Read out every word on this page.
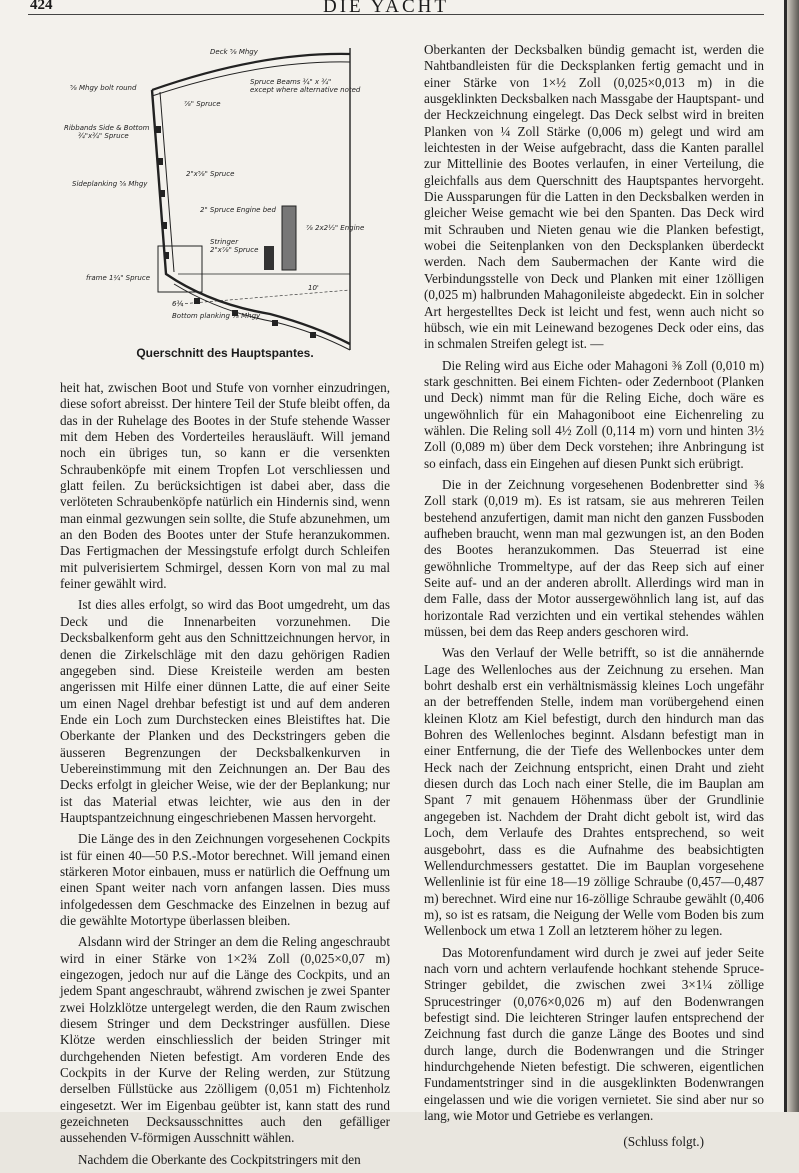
424	DIE YACHT
Deck ⅝ Mhgy
⅝ Mhgy bolt round
Spruce Beams ¾" x ¾"
except where alternative noted
⅞" Spruce
Ribbands Side & Bottom
¾"x¾" Spruce
2"x⅝" Spruce
Sideplanking ⅝ Mhgy
2" Spruce Engine bed
⅞ 2x2½" Engine
Stringer
2"x⅞" Spruce
frame 1¼" Spruce
10'
6¾
Bottom planking ⅝ Mhgy
Querschnitt des Hauptspantes.

heit hat, zwischen Boot und Stufe von vornher einzudringen, diese sofort abreisst. Der hintere Teil der Stufe bleibt offen, da das in der Ruhelage des Bootes in der Stufe stehende Wasser mit dem Heben des Vorderteiles herausläuft. Will jemand noch ein übriges tun, so kann er die versenkten Schraubenköpfe mit einem Tropfen Lot verschliessen und glatt feilen. Zu berücksichtigen ist dabei aber, dass die verlöteten Schraubenköpfe natürlich ein Hindernis sind, wenn man einmal gezwungen sein sollte, die Stufe abzunehmen, um an den Boden des Bootes unter der Stufe heranzukommen. Das Fertigmachen der Messingstufe erfolgt durch Schleifen mit pulverisiertem Schmirgel, dessen Korn von mal zu mal feiner gewählt wird.

Ist dies alles erfolgt, so wird das Boot umgedreht, um das Deck und die Innenarbeiten vorzunehmen. Die Decksbalkenform geht aus den Schnittzeichnungen hervor, in denen die Zirkelschläge mit den dazu gehörigen Radien angegeben sind. Diese Kreisteile werden am besten angerissen mit Hilfe einer dünnen Latte, die auf einer Seite um einen Nagel drehbar befestigt ist und auf dem anderen Ende ein Loch zum Durchstecken eines Bleistiftes hat. Die Oberkante der Planken und des Deckstringers geben die äusseren Begrenzungen der Decksbalkenkurven in Uebereinstimmung mit den Zeichnungen an. Der Bau des Decks erfolgt in gleicher Weise, wie der der Beplankung; nur ist das Material etwas leichter, wie aus den in der Hauptspantzeichnung eingeschriebenen Massen hervorgeht.

Die Länge des in den Zeichnungen vorgesehenen Cockpits ist für einen 40—50 P.S.-Motor berechnet. Will jemand einen stärkeren Motor einbauen, muss er natürlich die Oeffnung um einen Spant weiter nach vorn anfangen lassen. Dies muss infolgedessen dem Geschmacke des Einzelnen in bezug auf die gewählte Motortype überlassen bleiben.

Alsdann wird der Stringer an dem die Reling angeschraubt wird in einer Stärke von 1×2¾ Zoll (0,025×0,07 m) eingezogen, jedoch nur auf die Länge des Cockpits, und an jedem Spant angeschraubt, während zwischen je zwei Spanter zwei Holzklötze untergelegt werden, die den Raum zwischen diesem Stringer und dem Deckstringer ausfüllen. Diese Klötze werden einschliesslich der beiden Stringer mit durchgehenden Nieten befestigt. Am vorderen Ende des Cockpits in der Kurve der Reling werden, zur Stützung derselben Füllstücke aus 2zölligem (0,051 m) Fichtenholz eingesetzt. Wer im Eigenbau geübter ist, kann statt des rund gezeichneten Decksausschnittes auch den gefälliger aussehenden V-förmigen Ausschnitt wählen.

Nachdem die Oberkante des Cockpitstringers mit den

Oberkanten der Decksbalken bündig gemacht ist, werden die Nahtbandleisten für die Decksplanken fertig gemacht und in einer Stärke von 1×½ Zoll (0,025×0,013 m) in die ausgeklinkten Decksbalken nach Massgabe der Hauptspant- und der Heckzeichnung eingelegt. Das Deck selbst wird in breiten Planken von ¼ Zoll Stärke (0,006 m) gelegt und wird am leichtesten in der Weise aufgebracht, dass die Kanten parallel zur Mittellinie des Bootes verlaufen, in einer Verteilung, die gleichfalls aus dem Querschnitt des Hauptspantes hervorgeht. Die Aussparungen für die Latten in den Decksbalken werden in gleicher Weise gemacht wie bei den Spanten. Das Deck wird mit Schrauben und Nieten genau wie die Planken befestigt, wobei die Seitenplanken von den Decksplanken überdeckt werden. Nach dem Saubermachen der Kante wird die Verbindungsstelle von Deck und Planken mit einer 1zölligen (0,025 m) halbrunden Mahagonileiste abgedeckt. Ein in solcher Art hergestelltes Deck ist leicht und fest, wenn auch nicht so hübsch, wie ein mit Leinewand bezogenes Deck oder eins, das in schmalen Streifen gelegt ist. —

Die Reling wird aus Eiche oder Mahagoni ⅜ Zoll (0,010 m) stark geschnitten. Bei einem Fichten- oder Zedernboot (Planken und Deck) nimmt man für die Reling Eiche, doch wäre es ungewöhnlich für ein Mahagoniboot eine Eichenreling zu wählen. Die Reling soll 4½ Zoll (0,114 m) vorn und hinten 3½ Zoll (0,089 m) über dem Deck vorstehen; ihre Anbringung ist so einfach, dass ein Eingehen auf diesen Punkt sich erübrigt.

Die in der Zeichnung vorgesehenen Bodenbretter sind ⅜ Zoll stark (0,019 m). Es ist ratsam, sie aus mehreren Teilen bestehend anzufertigen, damit man nicht den ganzen Fussboden aufheben braucht, wenn man mal gezwungen ist, an den Boden des Bootes heranzukommen. Das Steuerrad ist eine gewöhnliche Trommeltype, auf der das Reep sich auf einer Seite auf- und an der anderen abrollt. Allerdings wird man in dem Falle, dass der Motor aussergewöhnlich lang ist, auf das horizontale Rad verzichten und ein vertikal stehendes wählen müssen, bei dem das Reep anders geschoren wird.

Was den Verlauf der Welle betrifft, so ist die annähernde Lage des Wellenloches aus der Zeichnung zu ersehen. Man bohrt deshalb erst ein verhältnismässig kleines Loch ungefähr an der betreffenden Stelle, indem man vorübergehend einen kleinen Klotz am Kiel befestigt, durch den hindurch man das Bohren des Wellenloches beginnt. Alsdann befestigt man in einer Entfernung, die der Tiefe des Wellenbockes unter dem Heck nach der Zeichnung entspricht, einen Draht und zieht diesen durch das Loch nach einer Stelle, die im Bauplan am Spant 7 mit genauem Höhenmass über der Grundlinie angegeben ist. Nachdem der Draht dicht gebolt ist, wird das Loch, dem Verlaufe des Drahtes entsprechend, so weit ausgebohrt, dass es die Aufnahme des beabsichtigten Wellendurchmessers gestattet. Die im Bauplan vorgesehene Wellenlinie ist für eine 18—19 zöllige Schraube (0,457—0,487 m) berechnet. Wird eine nur 16-zöllige Schraube gewählt (0,406 m), so ist es ratsam, die Neigung der Welle vom Boden bis zum Wellenbock um etwa 1 Zoll an letzterem höher zu legen.

Das Motorenfundament wird durch je zwei auf jeder Seite nach vorn und achtern verlaufende hochkant stehende Spruce-Stringer gebildet, die zwischen zwei 3×1¼ zöllige Sprucestringer (0,076×0,026 m) auf den Bodenwrangen befestigt sind. Die leichteren Stringer laufen entsprechend der Zeichnung fast durch die ganze Länge des Bootes und sind durch lange, durch die Bodenwrangen und die Stringer hindurchgehende Nieten befestigt. Die schweren, eigentlichen Fundamentstringer sind in die ausgeklinkten Bodenwrangen eingelassen und wie die vorigen vernietet. Sie sind aber nur so lang, wie Motor und Getriebe es verlangen.

(Schluss folgt.)
